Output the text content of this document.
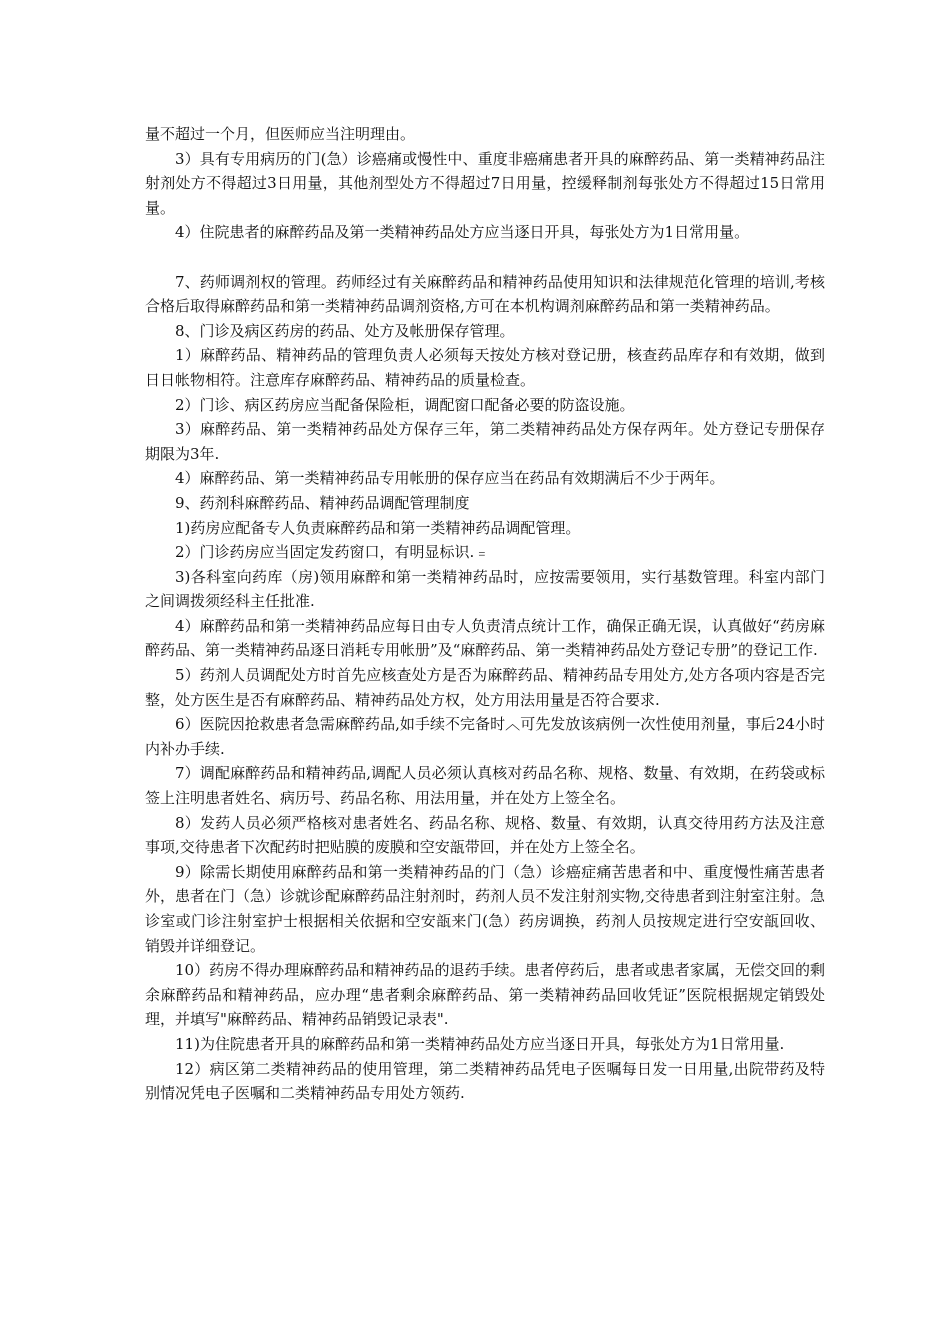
量不超过一个月，但医师应当注明理由。

3）具有专用病历的门(急）诊癌痛或慢性中、重度非癌痛患者开具的麻醉药品、第一类精神药品注射剂处方不得超过3日用量，其他剂型处方不得超过7日用量，控缓释制剂每张处方不得超过15日常用量。

4）住院患者的麻醉药品及第一类精神药品处方应当逐日开具，每张处方为1日常用量。

7、药师调剂权的管理。药师经过有关麻醉药品和精神药品使用知识和法律规范化管理的培训,考核合格后取得麻醉药品和第一类精神药品调剂资格,方可在本机构调剂麻醉药品和第一类精神药品。

8、门诊及病区药房的药品、处方及帐册保存管理。

1）麻醉药品、精神药品的管理负责人必须每天按处方核对登记册，核查药品库存和有效期，做到日日帐物相符。注意库存麻醉药品、精神药品的质量检查。

2）门诊、病区药房应当配备保险柜，调配窗口配备必要的防盗设施。

3）麻醉药品、第一类精神药品处方保存三年，第二类精神药品处方保存两年。处方登记专册保存期限为3年.

4）麻醉药品、第一类精神药品专用帐册的保存应当在药品有效期满后不少于两年。

9、药剂科麻醉药品、精神药品调配管理制度

1)药房应配备专人负责麻醉药品和第一类精神药品调配管理。

2）门诊药房应当固定发药窗口，有明显标识.﹦

3)各科室向药库（房)领用麻醉和第一类精神药品时，应按需要领用，实行基数管理。科室内部门之间调拨须经科主任批准.

4）麻醉药品和第一类精神药品应每日由专人负责清点统计工作，确保正确无误，认真做好“药房麻醉药品、第一类精神药品逐日消耗专用帐册”及“麻醉药品、第一类精神药品处方登记专册”的登记工作.

5）药剂人员调配处方时首先应核查处方是否为麻醉药品、精神药品专用处方,处方各项内容是否完整，处方医生是否有麻醉药品、精神药品处方权，处方用法用量是否符合要求.

6）医院因抢救患者急需麻醉药品,如手续不完备时︿可先发放该病例一次性使用剂量，事后24小时内补办手续.

7）调配麻醉药品和精神药品,调配人员必须认真核对药品名称、规格、数量、有效期，在药袋或标签上注明患者姓名、病历号、药品名称、用法用量，并在处方上签全名。

8）发药人员必须严格核对患者姓名、药品名称、规格、数量、有效期，认真交待用药方法及注意事项,交待患者下次配药时把贴膜的废膜和空安瓿带回，并在处方上签全名。

9）除需长期使用麻醉药品和第一类精神药品的门（急）诊癌症痛苦患者和中、重度慢性痛苦患者外，患者在门（急）诊就诊配麻醉药品注射剂时，药剂人员不发注射剂实物,交待患者到注射室注射。急诊室或门诊注射室护士根据相关依据和空安瓿来门(急）药房调换，药剂人员按规定进行空安瓿回收、销毁并详细登记。

10）药房不得办理麻醉药品和精神药品的退药手续。患者停药后，患者或患者家属，无偿交回的剩余麻醉药品和精神药品，应办理“患者剩余麻醉药品、第一类精神药品回收凭证”医院根据规定销毁处理，并填写"麻醉药品、精神药品销毁记录表".

11)为住院患者开具的麻醉药品和第一类精神药品处方应当逐日开具，每张处方为1日常用量.

12）病区第二类精神药品的使用管理，第二类精神药品凭电子医嘱每日发一日用量,出院带药及特别情况凭电子医嘱和二类精神药品专用处方领药.
